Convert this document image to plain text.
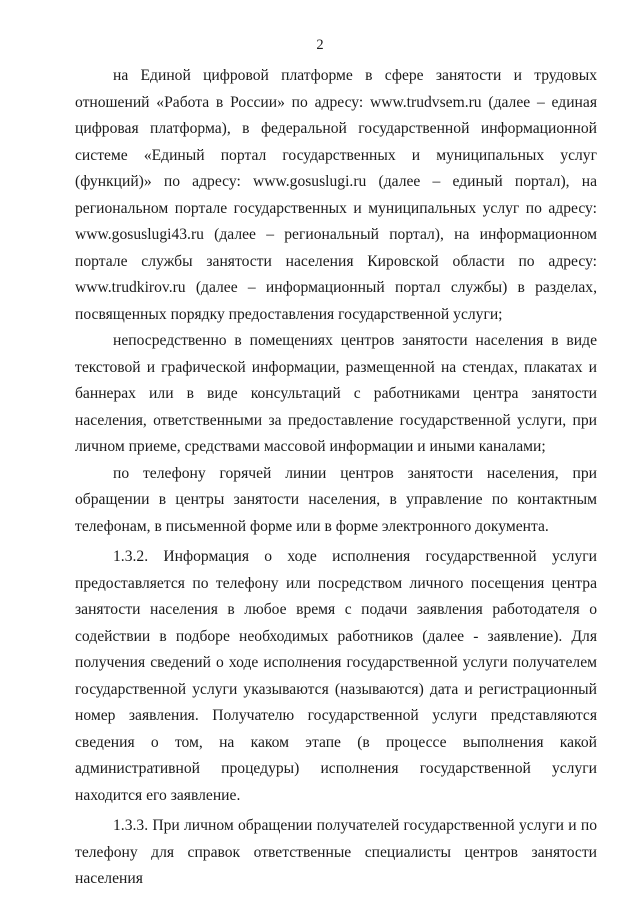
2

на Единой цифровой платформе в сфере занятости и трудовых отношений «Работа в России» по адресу: www.trudvsem.ru (далее – единая цифровая платформа), в федеральной государственной информационной системе «Единый портал государственных и муниципальных услуг (функций)» по адресу: www.gosuslugi.ru (далее – единый портал), на региональном портале государственных и муниципальных услуг по адресу: www.gosuslugi43.ru (далее – региональный портал), на информационном портале службы занятости населения Кировской области по адресу: www.trudkirov.ru (далее – информационный портал службы) в разделах, посвященных порядку предоставления государственной услуги;

непосредственно в помещениях центров занятости населения в виде текстовой и графической информации, размещенной на стендах, плакатах и баннерах или в виде консультаций с работниками центра занятости населения, ответственными за предоставление государственной услуги, при личном приеме, средствами массовой информации и иными каналами;

по телефону горячей линии центров занятости населения, при обращении в центры занятости населения, в управление по контактным телефонам, в письменной форме или в форме электронного документа.

1.3.2. Информация о ходе исполнения государственной услуги предоставляется по телефону или посредством личного посещения центра занятости населения в любое время с подачи заявления работодателя о содействии в подборе необходимых работников (далее - заявление). Для получения сведений о ходе исполнения государственной услуги получателем государственной услуги указываются (называются) дата и регистрационный номер заявления. Получателю государственной услуги представляются сведения о том, на каком этапе (в процессе выполнения какой административной процедуры) исполнения государственной услуги находится его заявление.

1.3.3. При личном обращении получателей государственной услуги и по телефону для справок ответственные специалисты центров занятости населения
